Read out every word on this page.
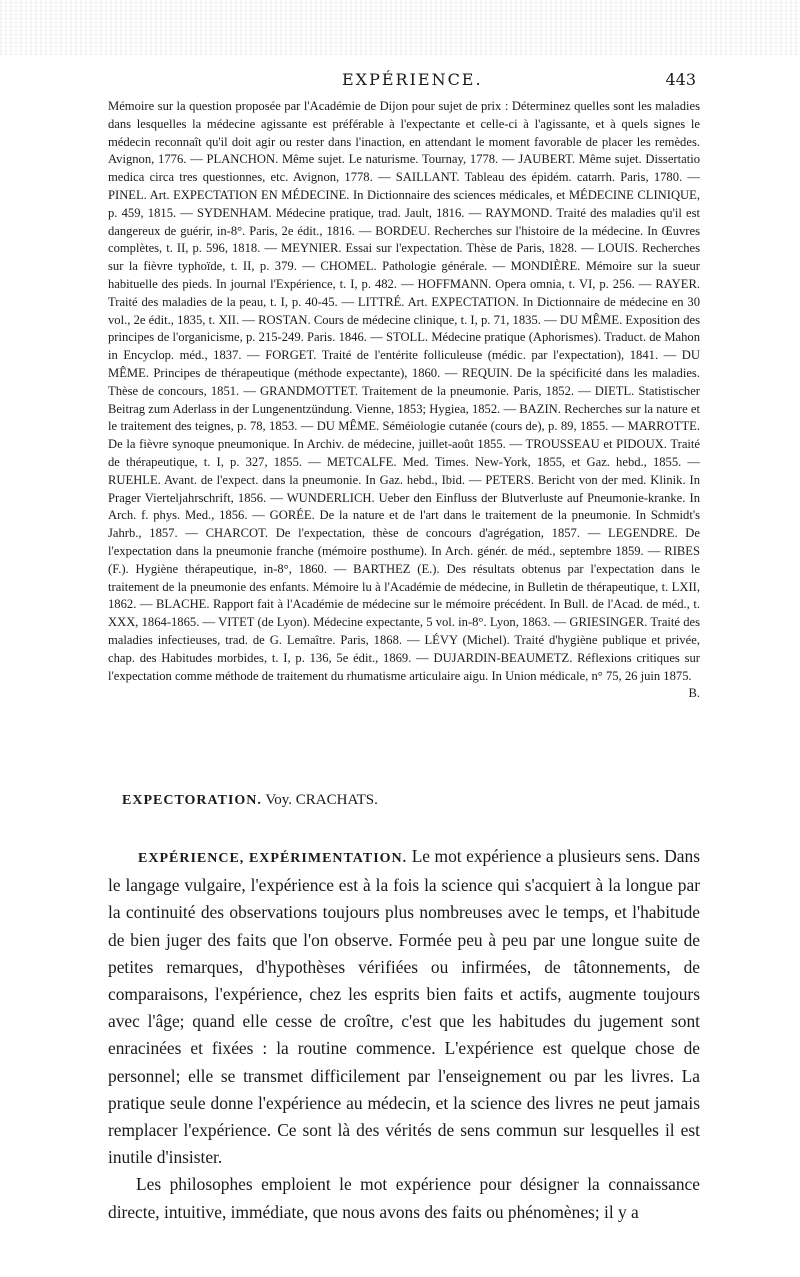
EXPÉRIENCE.	443

Mémoire sur la question proposée par l'Académie de Dijon pour sujet de prix : Déterminez quelles sont les maladies dans lesquelles la médecine agissante est préférable à l'expectante et celle-ci à l'agissante, et à quels signes le médecin reconnaît qu'il doit agir ou rester dans l'inaction, en attendant le moment favorable de placer les remèdes. Avignon, 1776. — PLANCHON. Même sujet. Le naturisme. Tournay, 1778. — JAUBERT. Même sujet. Dissertatio medica circa tres questionnes, etc. Avignon, 1778. — SAILLANT. Tableau des épidém. catarrh. Paris, 1780. — PINEL. Art. EXPECTATION EN MÉDECINE. In Dictionnaire des sciences médicales, et MÉDECINE CLINIQUE, p. 459, 1815. — SYDENHAM. Médecine pratique, trad. Jault, 1816. — RAYMOND. Traité des maladies qu'il est dangereux de guérir, in-8°. Paris, 2e édit., 1816. — BORDEU. Recherches sur l'histoire de la médecine. In Œuvres complètes, t. II, p. 596, 1818. — MEYNIER. Essai sur l'expectation. Thèse de Paris, 1828. — LOUIS. Recherches sur la fièvre typhoïde, t. II, p. 379. — CHOMEL. Pathologie générale. — MONDIÈRE. Mémoire sur la sueur habituelle des pieds. In journal l'Expérience, t. I, p. 482. — HOFFMANN. Opera omnia, t. VI, p. 256. — RAYER. Traité des maladies de la peau, t. I, p. 40-45. — LITTRÉ. Art. EXPECTATION. In Dictionnaire de médecine en 30 vol., 2e édit., 1835, t. XII. — ROSTAN. Cours de médecine clinique, t. I, p. 71, 1835. — DU MÊME. Exposition des principes de l'organicisme, p. 215-249. Paris. 1846. — STOLL. Médecine pratique (Aphorismes). Traduct. de Mahon in Encyclop. méd., 1837. — FORGET. Traité de l'entérite folliculeuse (médic. par l'expectation), 1841. — DU MÊME. Principes de thérapeutique (méthode expectante), 1860. — REQUIN. De la spécificité dans les maladies. Thèse de concours, 1851. — GRANDMOTTET. Traitement de la pneumonie. Paris, 1852. — DIETL. Statistischer Beitrag zum Aderlass in der Lungenentzündung. Vienne, 1853; Hygiea, 1852. — BAZIN. Recherches sur la nature et le traitement des teignes, p. 78, 1853. — DU MÊME. Séméiologie cutanée (cours de), p. 89, 1855. — MARROTTE. De la fièvre synoque pneumonique. In Archiv. de médecine, juillet-août 1855. — TROUSSEAU et PIDOUX. Traité de thérapeutique, t. I, p. 327, 1855. — METCALFE. Med. Times. New-York, 1855, et Gaz. hebd., 1855. — RUEHLE. Avant. de l'expect. dans la pneumonie. In Gaz. hebd., Ibid. — PETERS. Bericht von der med. Klinik. In Prager Vierteljahrschrift, 1856. — WUNDERLICH. Ueber den Einfluss der Blutverluste auf Pneumonie-kranke. In Arch. f. phys. Med., 1856. — GORÉE. De la nature et de l'art dans le traitement de la pneumonie. In Schmidt's Jahrb., 1857. — CHARCOT. De l'expectation, thèse de concours d'agrégation, 1857. — LEGENDRE. De l'expectation dans la pneumonie franche (mémoire posthume). In Arch. génér. de méd., septembre 1859. — RIBES (F.). Hygiène thérapeutique, in-8°, 1860. — BARTHEZ (E.). Des résultats obtenus par l'expectation dans le traitement de la pneumonie des enfants. Mémoire lu à l'Académie de médecine, in Bulletin de thérapeutique, t. LXII, 1862. — BLACHE. Rapport fait à l'Académie de médecine sur le mémoire précédent. In Bull. de l'Acad. de méd., t. XXX, 1864-1865. — VITET (de Lyon). Médecine expectante, 5 vol. in-8°. Lyon, 1863. — GRIESINGER. Traité des maladies infectieuses, trad. de G. Lemaître. Paris, 1868. — LÉVY (Michel). Traité d'hygiène publique et privée, chap. des Habitudes morbides, t. I, p. 136, 5e édit., 1869. — DUJARDIN-BEAUMETZ. Réflexions critiques sur l'expectation comme méthode de traitement du rhumatisme articulaire aigu. In Union médicale, n° 75, 26 juin 1875.

B.

EXPECTORATION. Voy. CRACHATS.

EXPÉRIENCE, EXPÉRIMENTATION. Le mot expérience a plusieurs sens. Dans le langage vulgaire, l'expérience est à la fois la science qui s'acquiert à la longue par la continuité des observations toujours plus nombreuses avec le temps, et l'habitude de bien juger des faits que l'on observe. Formée peu à peu par une longue suite de petites remarques, d'hypothèses vérifiées ou infirmées, de tâtonnements, de comparaisons, l'expérience, chez les esprits bien faits et actifs, augmente toujours avec l'âge; quand elle cesse de croître, c'est que les habitudes du jugement sont enracinées et fixées : la routine commence. L'expérience est quelque chose de personnel; elle se transmet difficilement par l'enseignement ou par les livres. La pratique seule donne l'expérience au médecin, et la science des livres ne peut jamais remplacer l'expérience. Ce sont là des vérités de sens commun sur lesquelles il est inutile d'insister.

Les philosophes emploient le mot expérience pour désigner la connaissance directe, intuitive, immédiate, que nous avons des faits ou phénomènes; il y a
